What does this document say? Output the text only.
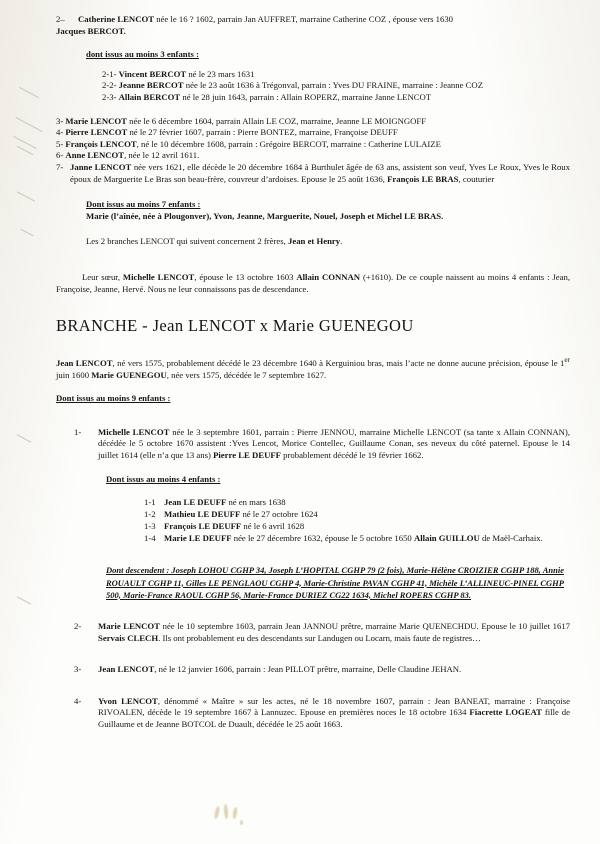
2–	Catherine LENCOT née le 16 ? 1602, parrain Jan AUFFRET, marraine Catherine COZ , épouse vers 1630

Jacques BERCOT.

dont issus au moins 3 enfants :

2-1- Vincent BERCOT né le 23 mars 1631

2-2- Jeanne BERCOT née le 23 août 1636 à Trégonval, parrain : Yves DU FRAINE, marraine : Jeanne COZ

2-3- Allain BERCOT né le 28 juin 1643, parrain : Allain ROPERZ, marraine Janne LENCOT

3- Marie LENCOT née le 6 décembre 1604, parrain Allain LE COZ, marraine, Jeanne LE MOIGNGOFF

4- Pierre LENCOT né le 27 février 1607, parrain : Pierre BONTEZ, marraine, Françoise DEUFF

5- François LENCOT, né le 10 décembre 1608, parrain : Grégoire BERCOT, marraine : Catherine LULAIZE

6- Anne LENCOT, née le 12 avril 1611.

7- Janne LENCOT née vers 1621, elle décède le 20 décembre 1684 à Burthulet âgée de 63 ans, assistent son veuf, Yves Le Roux, Yves le Roux époux de Marguerite Le Bras son beau-frère, couvreur d’ardoises. Epouse le 25 août 1636, François LE BRAS, couturier

Dont issus au moins 7 enfants :

Marie (l’aînée, née à Plougonver), Yvon, Jeanne, Marguerite, Nouel, Joseph et Michel LE BRAS.

Les 2 branches LENCOT qui suivent concernent 2 frères, Jean et Henry.

Leur sœur, Michelle LENCOT, épouse le 13 octobre 1603 Allain CONNAN (+1610). De ce couple naissent au moins 4 enfants : Jean, Françoise, Jeanne, Hervé. Nous ne leur connaissons pas de descendance.

BRANCHE - Jean LENCOT x Marie GUENEGOU

Jean LENCOT, né vers 1575, probablement décédé le 23 décembre 1640 à Kerguiniou bras, mais l’acte ne donne aucune précision, épouse le 1er juin 1600 Marie GUENEGOU, née vers 1575, décédée le 7 septembre 1627.

Dont issus au moins 9 enfants :

1-	Michelle LENCOT née le 3 septembre 1601, parrain : Pierre JENNOU, marraine Michelle LENCOT (sa tante x Allain CONNAN), décédée le 5 octobre 1670 assistent :Yves Lencot, Morice Contellec, Guillaume Conan, ses neveux du côté paternel. Epouse le 14 juillet 1614 (elle n’a que 13 ans) Pierre LE DEUFF probablement décédé le 19 février 1662.

Dont issus au moins 4 enfants :

1-1 Jean LE DEUFF né en mars 1638
1-2 Mathieu LE DEUFF né le 27 octobre 1624
1-3 François LE DEUFF né le 6 avril 1628
1-4 Marie LE DEUFF née le 27 décembre 1632, épouse le 5 octobre 1650 Allain GUILLOU de Maël-Carhaix.

Dont descendent : Joseph LOHOU CGHP 34, Joseph L’HOPITAL CGHP 79 (2 fois), Marie-Hélène CROIZIER CGHP 188, Annie ROUAULT CGHP 11, Gilles LE PENGLAOU CGHP 4, Marie-Christine PAVAN CGHP 41, Michèle L’ALLINEUC-PINEL CGHP 500, Marie-France RAOUL CGHP 56, Marie-France DURIEZ CG22 1634, Michel ROPERS CGHP 83.

2-	Marie LENCOT née le 10 septembre 1603, parrain Jean JANNOU prêtre, marraine Marie QUENECHDU. Epouse le 10 juillet 1617 Servais CLECH. Ils ont probablement eu des descendants sur Landugen ou Locarn, mais faute de registres…
3-	Jean LENCOT, né le 12 janvier 1606, parrain : Jean PILLOT prêtre, marraine, Delle Claudine JEHAN.
4-	Yvon LENCOT, dénommé « Maître » sur les actes, né le 18 novembre 1607, parrain : Jean BANEAT, marraine : Françoise RIVOALEN, décède le 19 septembre 1667 à Lannuzec. Epouse en premières noces le 18 octobre 1634 Fiacrette LOGEAT fille de Guillaume et de Jeanne BOTCOL de Duault, décédée le 25 août 1663.
